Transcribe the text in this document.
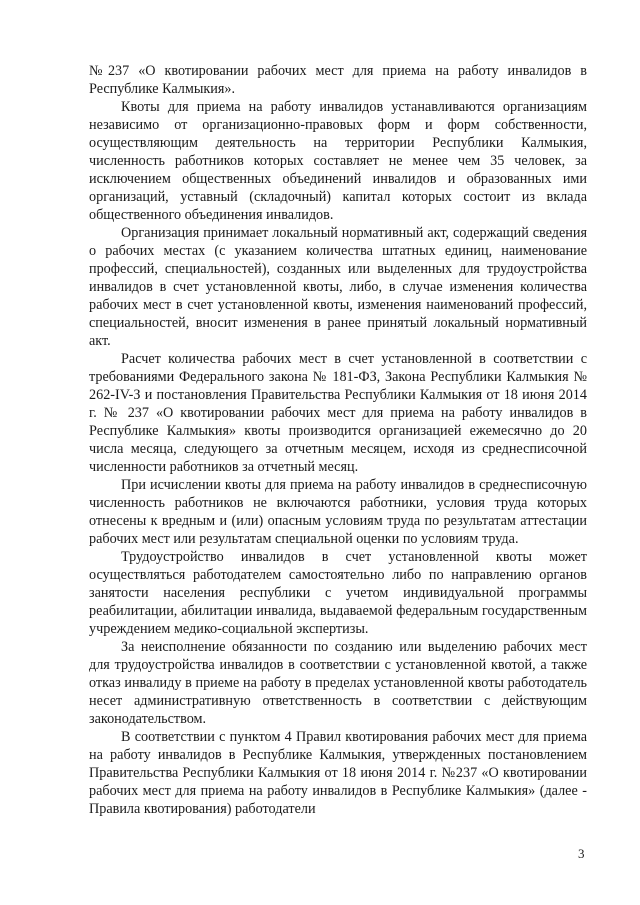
№237 «О квотировании рабочих мест для приема на работу инвалидов в Республике Калмыкия».

Квоты для приема на работу инвалидов устанавливаются организациям независимо от организационно-правовых форм и форм собственности, осуществляющим деятельность на территории Республики Калмыкия, численность работников которых составляет не менее чем 35 человек, за исключением общественных объединений инвалидов и образованных ими организаций, уставный (складочный) капитал которых состоит из вклада общественного объединения инвалидов.

Организация принимает локальный нормативный акт, содержащий сведения о рабочих местах (с указанием количества штатных единиц, наименование профессий, специальностей), созданных или выделенных для трудоустройства инвалидов в счет установленной квоты, либо, в случае изменения количества рабочих мест в счет установленной квоты, изменения наименований профессий, специальностей, вносит изменения в ранее принятый локальный нормативный акт.

Расчет количества рабочих мест в счет установленной в соответствии с требованиями Федерального закона № 181-ФЗ, Закона Республики Калмыкия № 262-IV-З и постановления Правительства Республики Калмыкия от 18 июня 2014 г. № 237 «О квотировании рабочих мест для приема на работу инвалидов в Республике Калмыкия» квоты производится организацией ежемесячно до 20 числа месяца, следующего за отчетным месяцем, исходя из среднесписочной численности работников за отчетный месяц.

При исчислении квоты для приема на работу инвалидов в среднесписочную численность работников не включаются работники, условия труда которых отнесены к вредным и (или) опасным условиям труда по результатам аттестации рабочих мест или результатам специальной оценки по условиям труда.

Трудоустройство инвалидов в счет установленной квоты может осуществляться работодателем самостоятельно либо по направлению органов занятости населения республики с учетом индивидуальной программы реабилитации, абилитации инвалида, выдаваемой федеральным государственным учреждением медико-социальной экспертизы.

За неисполнение обязанности по созданию или выделению рабочих мест для трудоустройства инвалидов в соответствии с установленной квотой, а также отказ инвалиду в приеме на работу в пределах установленной квоты работодатель несет административную ответственность в соответствии с действующим законодательством.

В соответствии с пунктом 4 Правил квотирования рабочих мест для приема на работу инвалидов в Республике Калмыкия, утвержденных постановлением Правительства Республики Калмыкия от 18 июня 2014 г. №237 «О квотировании рабочих мест для приема на работу инвалидов в Республике Калмыкия» (далее - Правила квотирования) работодатели

3
